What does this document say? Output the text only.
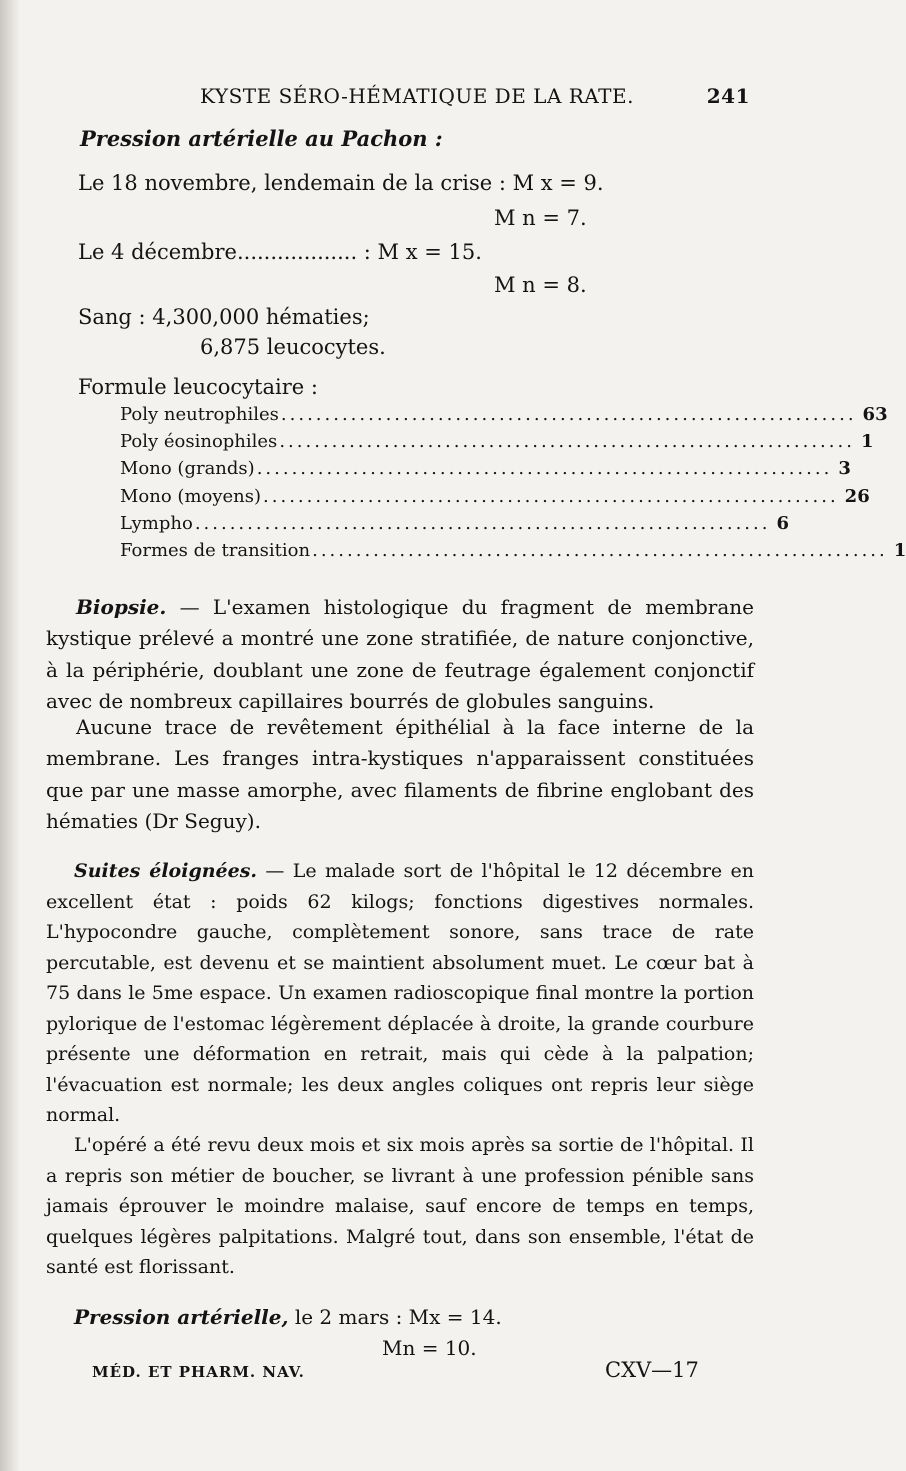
KYSTE SÉRO-HÉMATIQUE DE LA RATE.	241
Pression artérielle au Pachon :
Le 18 novembre, lendemain de la crise : M x = 9.
M n = 7.
Le 4 décembre.................. : M x = 15.
M n = 8.
Sang : 4,300,000 hématies;
6,875 leucocytes.
Formule leucocytaire :
Poly neutrophiles .................................................................. 63
Poly éosinophiles .................................................................. 1
Mono (grands) .................................................................. 3
Mono (moyens) .................................................................. 26
Lympho .................................................................. 6
Formes de transition .................................................................. 1
Biopsie. — L'examen histologique du fragment de membrane kystique prélevé a montré une zone stratifiée, de nature conjonctive, à la périphérie, doublant une zone de feutrage également conjonctif avec de nombreux capillaires bourrés de globules sanguins.
Aucune trace de revêtement épithélial à la face interne de la membrane. Les franges intra-kystiques n'apparaissent constituées que par une masse amorphe, avec filaments de fibrine englobant des hématies (Dr Seguy).
Suites éloignées. — Le malade sort de l'hôpital le 12 décembre en excellent état : poids 62 kilogs; fonctions digestives normales. L'hypocondre gauche, complètement sonore, sans trace de rate percutable, est devenu et se maintient absolument muet. Le cœur bat à 75 dans le 5me espace. Un examen radioscopique final montre la portion pylorique de l'estomac légèrement déplacée à droite, la grande courbure présente une déformation en retrait, mais qui cède à la palpation; l'évacuation est normale; les deux angles coliques ont repris leur siège normal.
L'opéré a été revu deux mois et six mois après sa sortie de l'hôpital. Il a repris son métier de boucher, se livrant à une profession pénible sans jamais éprouver le moindre malaise, sauf encore de temps en temps, quelques légères palpitations. Malgré tout, dans son ensemble, l'état de santé est florissant.
Pression artérielle, le 2 mars : Mx = 14.
Mn = 10.
MÉD. ET PHARM. NAV.	CXV—17
